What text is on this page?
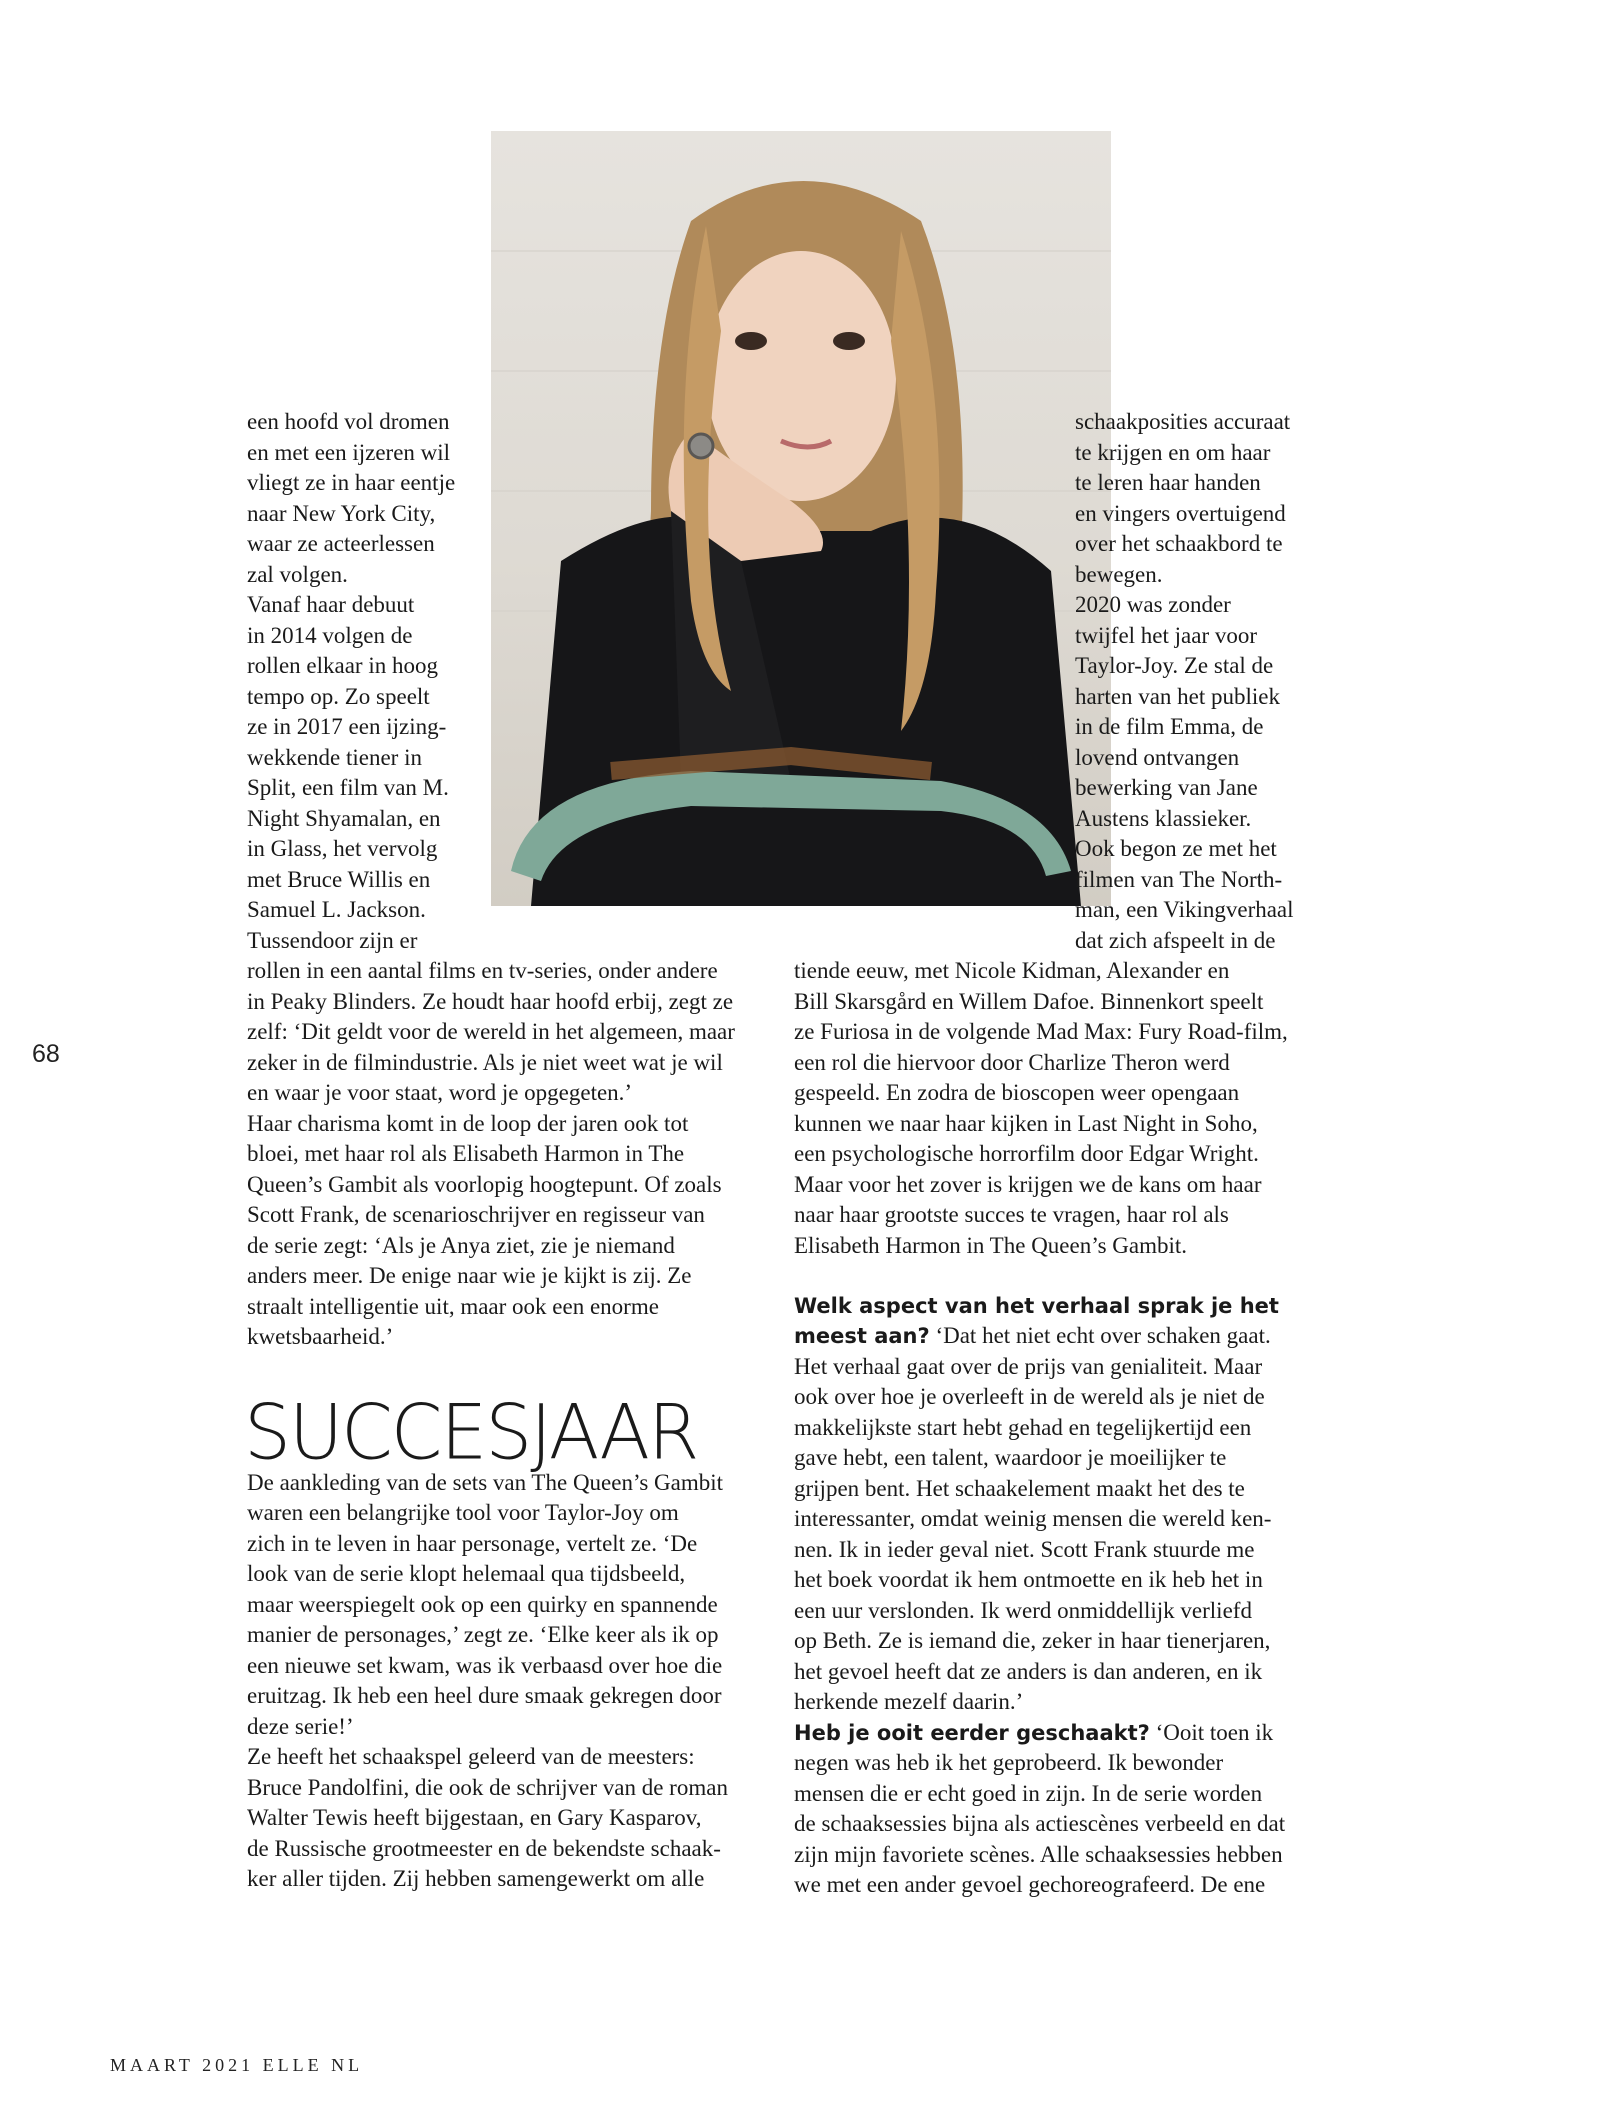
68
een hoofd vol dromen
en met een ijzeren wil
vliegt ze in haar eentje
naar New York City,
waar ze acteerlessen
zal volgen.
Vanaf haar debuut
in 2014 volgen de
rollen elkaar in hoog
tempo op. Zo speelt
ze in 2017 een ijzing-
wekkende tiener in
Split, een film van M.
Night Shyamalan, en
in Glass, het vervolg
met Bruce Willis en
Samuel L. Jackson.
Tussendoor zijn er
rollen in een aantal films en tv-series, onder andere
in Peaky Blinders. Ze houdt haar hoofd erbij, zegt ze
zelf: ‘Dit geldt voor de wereld in het algemeen, maar
zeker in de filmindustrie. Als je niet weet wat je wil
en waar je voor staat, word je opgegeten.’
Haar charisma komt in de loop der jaren ook tot
bloei, met haar rol als Elisabeth Harmon in The
Queen’s Gambit als voorlopig hoogtepunt. Of zoals
Scott Frank, de scenarioschrijver en regisseur van
de serie zegt: ‘Als je Anya ziet, zie je niemand
anders meer. De enige naar wie je kijkt is zij. Ze
straalt intelligentie uit, maar ook een enorme
kwetsbaarheid.’
SUCCESJAAR
De aankleding van de sets van The Queen’s Gambit
waren een belangrijke tool voor Taylor-Joy om
zich in te leven in haar personage, vertelt ze. ‘De
look van de serie klopt helemaal qua tijdsbeeld,
maar weerspiegelt ook op een quirky en spannende
manier de personages,’ zegt ze. ‘Elke keer als ik op
een nieuwe set kwam, was ik verbaasd over hoe die
eruitzag. Ik heb een heel dure smaak gekregen door
deze serie!’
Ze heeft het schaakspel geleerd van de meesters:
Bruce Pandolfini, die ook de schrijver van de roman
Walter Tewis heeft bijgestaan, en Gary Kasparov,
de Russische grootmeester en de bekendste schaak-
ker aller tijden. Zij hebben samengewerkt om alle
schaakposities accuraat
te krijgen en om haar
te leren haar handen
en vingers overtuigend
over het schaakbord te
bewegen.
2020 was zonder
twijfel het jaar voor
Taylor-Joy. Ze stal de
harten van het publiek
in de film Emma, de
lovend ontvangen
bewerking van Jane
Austens klassieker.
Ook begon ze met het
filmen van The North-
man, een Vikingverhaal
dat zich afspeelt in de
tiende eeuw, met Nicole Kidman, Alexander en
Bill Skarsgård en Willem Dafoe. Binnenkort speelt
ze Furiosa in de volgende Mad Max: Fury Road-film,
een rol die hiervoor door Charlize Theron werd
gespeeld. En zodra de bioscopen weer opengaan
kunnen we naar haar kijken in Last Night in Soho,
een psychologische horrorfilm door Edgar Wright.
Maar voor het zover is krijgen we de kans om haar
naar haar grootste succes te vragen, haar rol als
Elisabeth Harmon in The Queen’s Gambit.
Welk aspect van het verhaal sprak je het
meest aan? ‘Dat het niet echt over schaken gaat.
Het verhaal gaat over de prijs van genialiteit. Maar
ook over hoe je overleeft in de wereld als je niet de
makkelijkste start hebt gehad en tegelijkertijd een
gave hebt, een talent, waardoor je moeilijker te
grijpen bent. Het schaakelement maakt het des te
interessanter, omdat weinig mensen die wereld ken-
nen. Ik in ieder geval niet. Scott Frank stuurde me
het boek voordat ik hem ontmoette en ik heb het in
een uur verslonden. Ik werd onmiddellijk verliefd
op Beth. Ze is iemand die, zeker in haar tienerjaren,
het gevoel heeft dat ze anders is dan anderen, en ik
herkende mezelf daarin.’
Heb je ooit eerder geschaakt? ‘Ooit toen ik
negen was heb ik het geprobeerd. Ik bewonder
mensen die er echt goed in zijn. In de serie worden
de schaaksessies bijna als actiescènes verbeeld en dat
zijn mijn favoriete scènes. Alle schaaksessies hebben
we met een ander gevoel gechoreografeerd. De ene
MAART 2021 ELLE NL
